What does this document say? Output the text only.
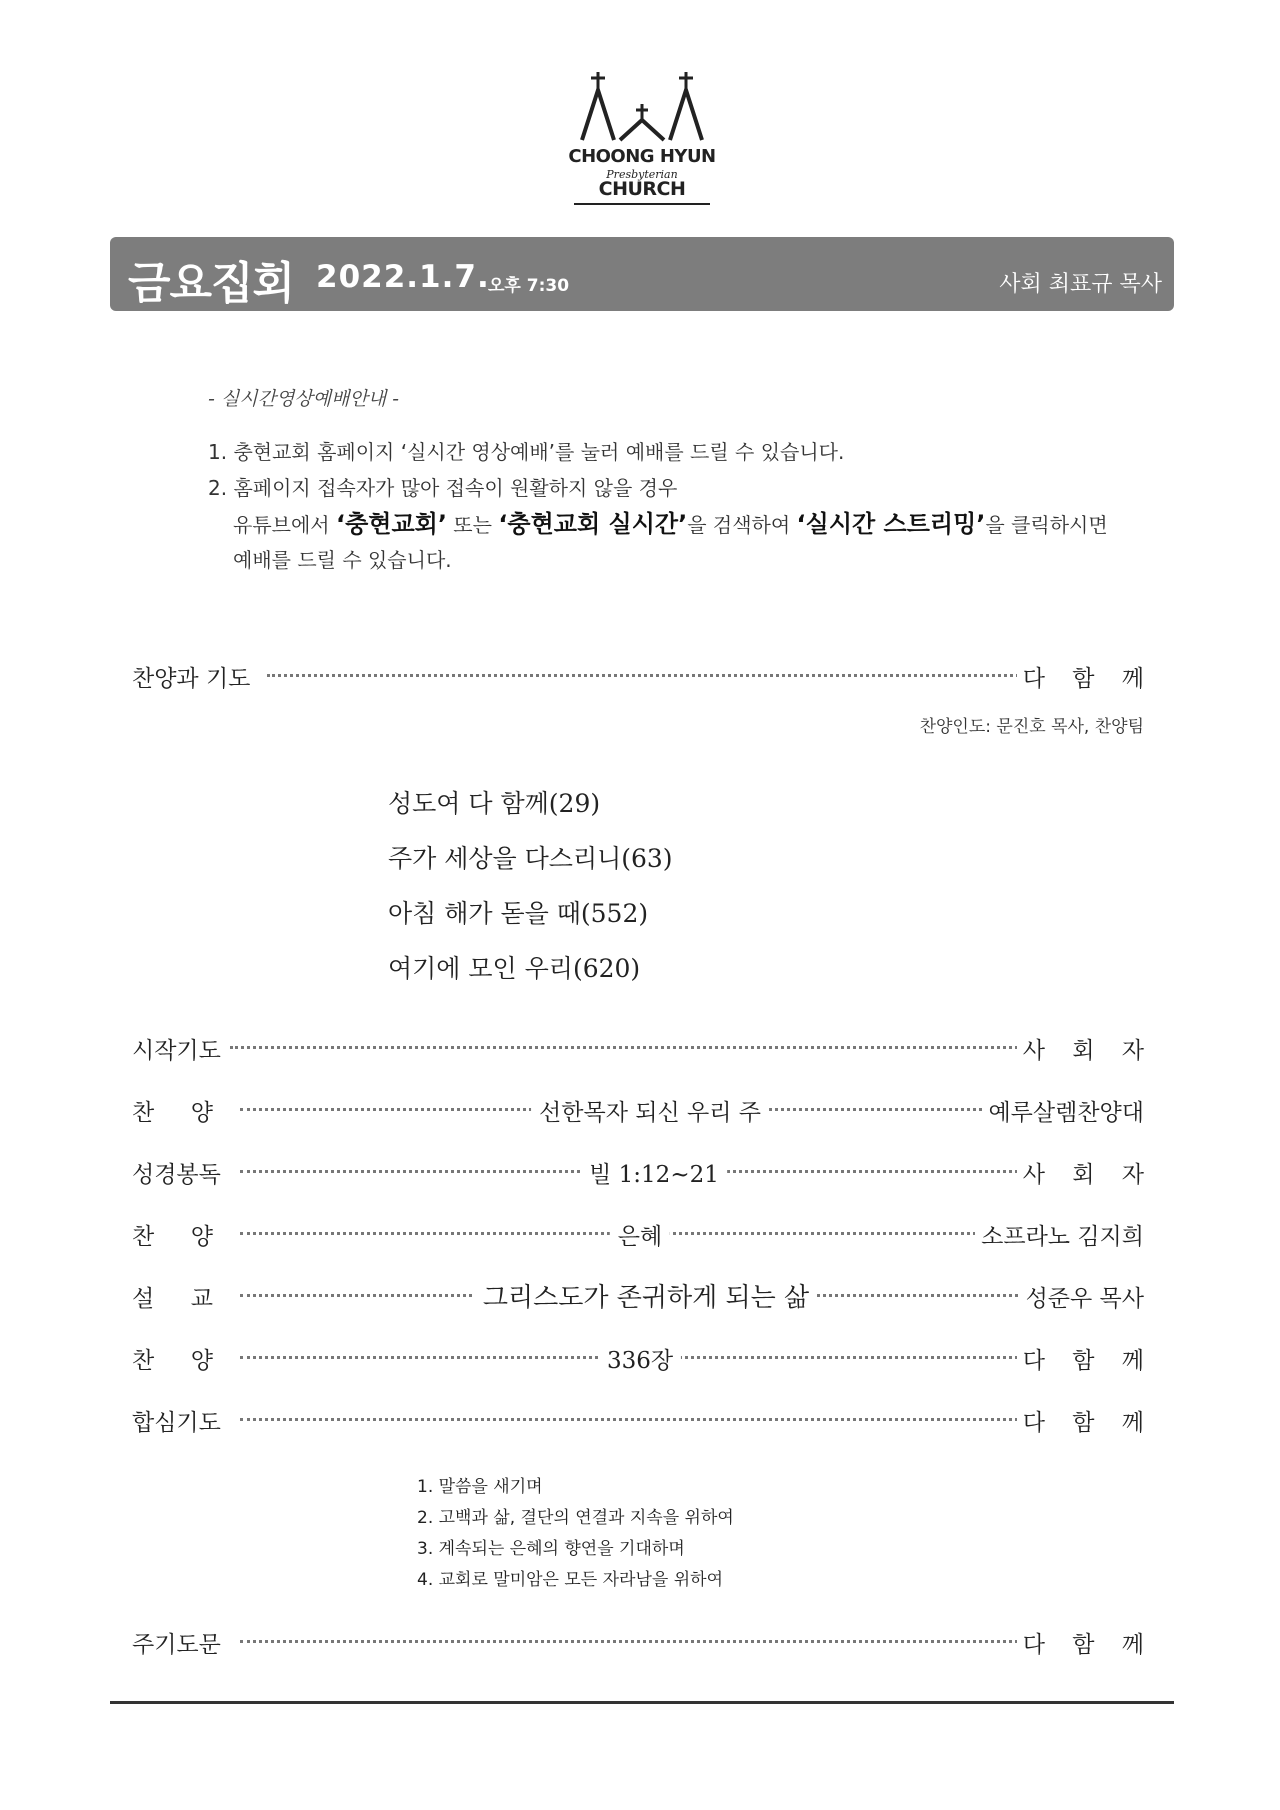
CHOONG HYUN
Presbyterian
CHURCH
금요집회 2022.1.7.
오후 7:30	사회 최표규 목사
- 실시간영상예배안내 -
1. 충현교회 홈페이지 ‘실시간 영상예배’를 눌러 예배를 드릴 수 있습니다.
2. 홈페이지 접속자가 많아 접속이 원활하지 않을 경우
유튜브에서 ‘충현교회’ 또는 ‘충현교회 실시간’을 검색하여 ‘실시간 스트리밍’을 클릭하시면
예배를 드릴 수 있습니다.
찬양과 기도	다 함 께
찬양인도: 문진호 목사, 찬양팀
성도여 다 함께(29)
주가 세상을 다스리니(63)
아침 해가 돋을 때(552)
여기에 모인 우리(620)
시작기도	사 회 자
찬     양	선한목자 되신 우리 주	예루살렘찬양대
성경봉독	빌 1:12~21	사 회 자
찬     양	은혜	소프라노 김지희
설     교	그리스도가 존귀하게 되는 삶	성준우 목사
찬     양	336장	다 함 께
합심기도	다 함 께
1. 말씀을 새기며
2. 고백과 삶, 결단의 연결과 지속을 위하여
3. 계속되는 은혜의 향연을 기대하며
4. 교회로 말미암은 모든 자라남을 위하여
주기도문	다 함 께
